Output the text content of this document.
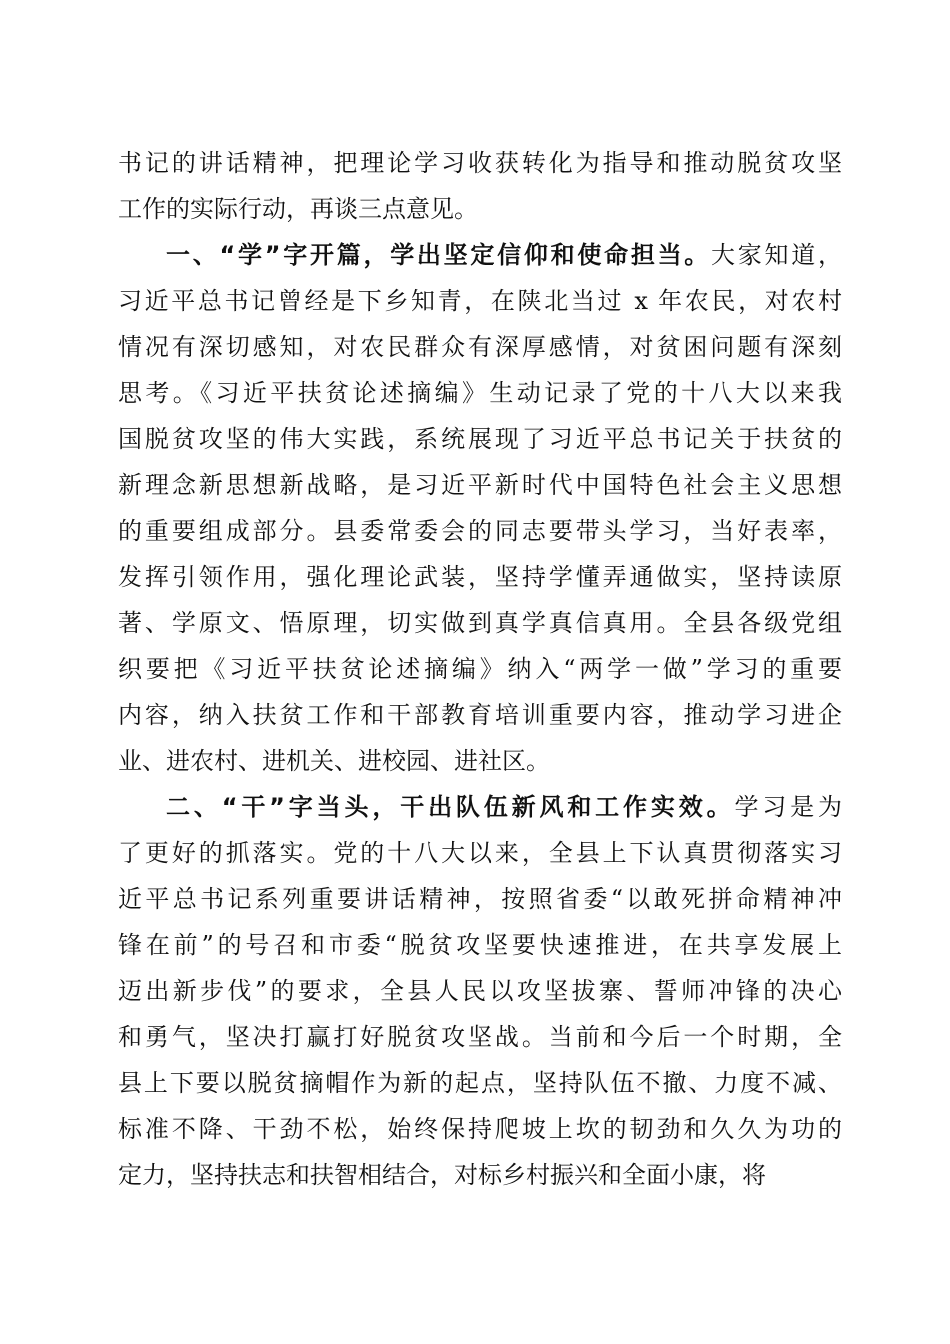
书记的讲话精神，把理论学习收获转化为指导和推动脱贫攻坚
工作的实际行动，再谈三点意见。
一、“学”字开篇，学出坚定信仰和使命担当。大家知道，
习近平总书记曾经是下乡知青，在陕北当过 x 年农民，对农村
情况有深切感知，对农民群众有深厚感情，对贫困问题有深刻
思考。《习近平扶贫论述摘编》生动记录了党的十八大以来我
国脱贫攻坚的伟大实践，系统展现了习近平总书记关于扶贫的
新理念新思想新战略，是习近平新时代中国特色社会主义思想
的重要组成部分。县委常委会的同志要带头学习，当好表率，
发挥引领作用，强化理论武装，坚持学懂弄通做实，坚持读原
著、学原文、悟原理，切实做到真学真信真用。全县各级党组
织要把《习近平扶贫论述摘编》纳入“两学一做”学习的重要
内容，纳入扶贫工作和干部教育培训重要内容，推动学习进企
业、进农村、进机关、进校园、进社区。
二、“干”字当头，干出队伍新风和工作实效。学习是为
了更好的抓落实。党的十八大以来，全县上下认真贯彻落实习
近平总书记系列重要讲话精神，按照省委“以敢死拼命精神冲
锋在前”的号召和市委“脱贫攻坚要快速推进，在共享发展上
迈出新步伐”的要求，全县人民以攻坚拔寨、誓师冲锋的决心
和勇气，坚决打赢打好脱贫攻坚战。当前和今后一个时期，全
县上下要以脱贫摘帽作为新的起点，坚持队伍不撤、力度不减、
标准不降、干劲不松，始终保持爬坡上坎的韧劲和久久为功的
定力，坚持扶志和扶智相结合，对标乡村振兴和全面小康，将
